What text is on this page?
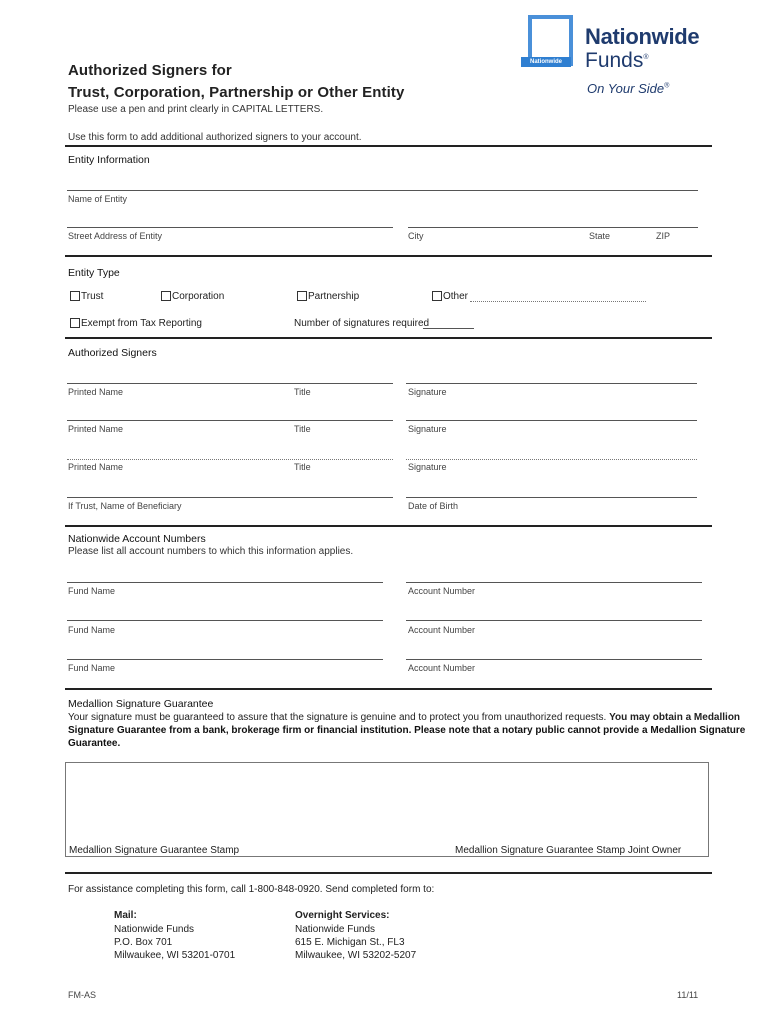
Nationwide
Nationwide
Funds®
On Your Side®
Authorized Signers for
Trust, Corporation, Partnership or Other Entity
Please use a pen and print clearly in CAPITAL LETTERS.
Use this form to add additional authorized signers to your account.
Entity Information
Name of Entity
Street Address of Entity	City	State	ZIP
Entity Type
Trust	Corporation	Partnership	Other
Exempt from Tax Reporting	Number of signatures required
Authorized Signers
Printed Name	Title	Signature
Printed Name	Title	Signature
Printed Name	Title	Signature
If Trust, Name of Beneficiary	Date of Birth
Nationwide Account Numbers
Please list all account numbers to which this information applies.
Fund Name	Account Number
Fund Name	Account Number
Fund Name	Account Number
Medallion Signature Guarantee
Your signature must be guaranteed to assure that the signature is genuine and to protect you from unauthorized requests. You may obtain a Medallion
Signature Guarantee from a bank, brokerage firm or financial institution. Please note that a notary public cannot provide a Medallion Signature
Guarantee.
Medallion Signature Guarantee Stamp	Medallion Signature Guarantee Stamp Joint Owner
For assistance completing this form, call 1-800-848-0920. Send completed form to:
Mail:
Nationwide Funds
P.O. Box 701
Milwaukee, WI 53201-0701
Overnight Services:
Nationwide Funds
615 E. Michigan St., FL3
Milwaukee, WI 53202-5207
FM-AS	11/11
